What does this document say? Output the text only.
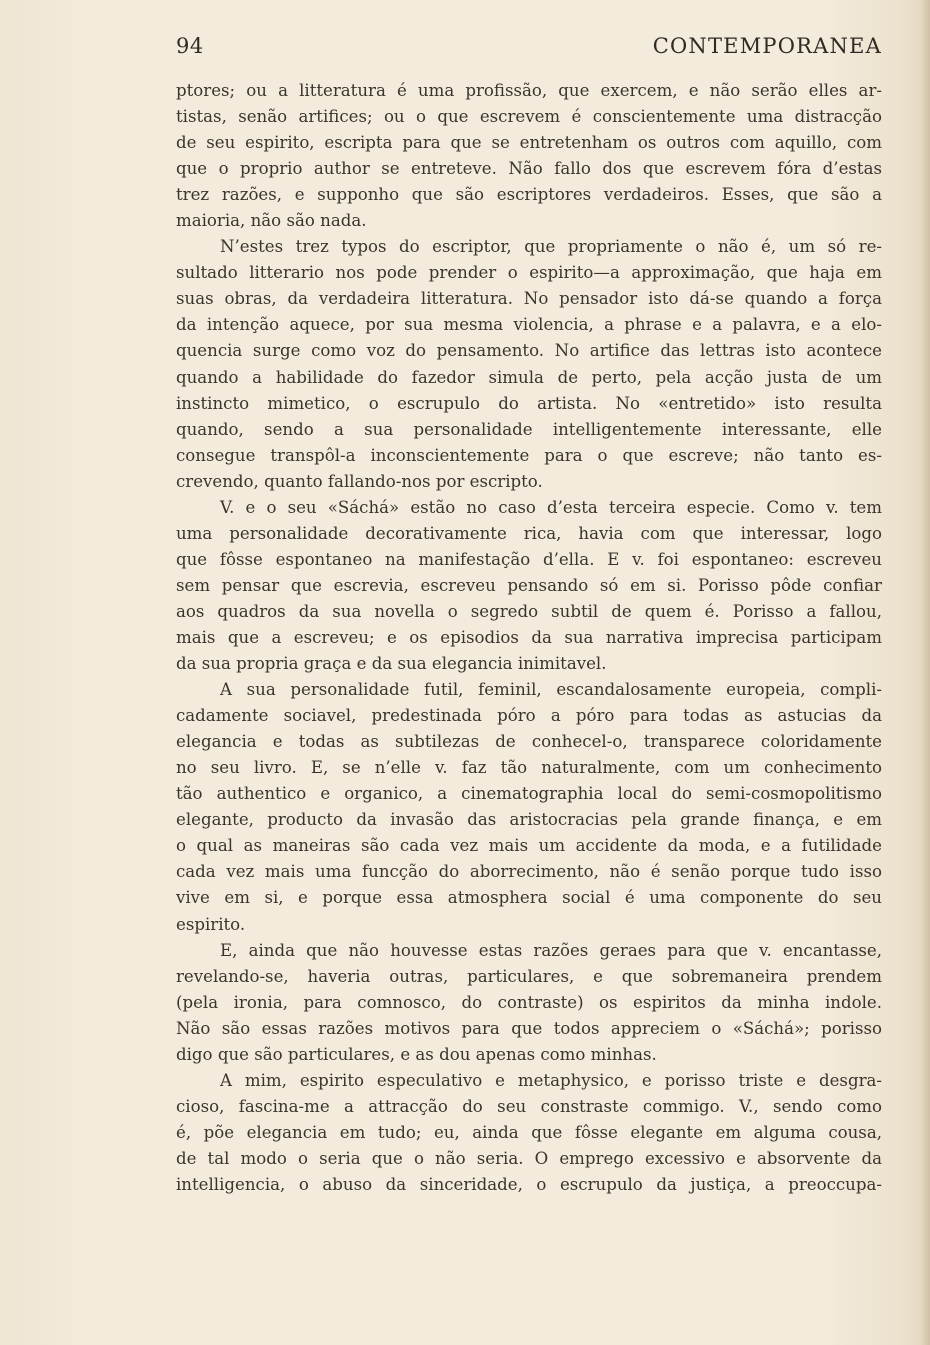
94	CONTEMPORANEA
ptores; ou a litteratura é uma profissão, que exercem, e não serão elles ar-
tistas, senão artifices; ou o que escrevem é conscientemente uma distracção
de seu espirito, escripta para que se entretenham os outros com aquillo, com
que o proprio author se entreteve. Não fallo dos que escrevem fóra d’estas
trez razões, e supponho que são escriptores verdadeiros. Esses, que são a
maioria, não são nada.
N’estes trez typos do escriptor, que propriamente o não é, um só re-
sultado litterario nos pode prender o espirito—a approximação, que haja em
suas obras, da verdadeira litteratura. No pensador isto dá-se quando a força
da intenção aquece, por sua mesma violencia, a phrase e a palavra, e a elo-
quencia surge como voz do pensamento. No artifice das lettras isto acontece
quando a habilidade do fazedor simula de perto, pela acção justa de um
instincto mimetico, o escrupulo do artista. No «entretido» isto resulta
quando, sendo a sua personalidade intelligentemente interessante, elle
consegue transpôl-a inconscientemente para o que escreve; não tanto es-
crevendo, quanto fallando-nos por escripto.
V. e o seu «Sáchá» estão no caso d’esta terceira especie. Como v. tem
uma personalidade decorativamente rica, havia com que interessar, logo
que fôsse espontaneo na manifestação d’ella. E v. foi espontaneo: escreveu
sem pensar que escrevia, escreveu pensando só em si. Porisso pôde confiar
aos quadros da sua novella o segredo subtil de quem é. Porisso a fallou,
mais que a escreveu; e os episodios da sua narrativa imprecisa participam
da sua propria graça e da sua elegancia inimitavel.
A sua personalidade futil, feminil, escandalosamente europeia, compli-
cadamente sociavel, predestinada póro a póro para todas as astucias da
elegancia e todas as subtilezas de conhecel-o, transparece coloridamente
no seu livro. E, se n’elle v. faz tão naturalmente, com um conhecimento
tão authentico e organico, a cinematographia local do semi-cosmopolitismo
elegante, producto da invasão das aristocracias pela grande finança, e em
o qual as maneiras são cada vez mais um accidente da moda, e a futilidade
cada vez mais uma funcção do aborrecimento, não é senão porque tudo isso
vive em si, e porque essa atmosphera social é uma componente do seu
espirito.
E, ainda que não houvesse estas razões geraes para que v. encantasse,
revelando-se, haveria outras, particulares, e que sobremaneira prendem
(pela ironia, para comnosco, do contraste) os espiritos da minha indole.
Não são essas razões motivos para que todos appreciem o «Sáchá»; porisso
digo que são particulares, e as dou apenas como minhas.
A mim, espirito especulativo e metaphysico, e porisso triste e desgra-
cioso, fascina-me a attracção do seu constraste commigo. V., sendo como
é, põe elegancia em tudo; eu, ainda que fôsse elegante em alguma cousa,
de tal modo o seria que o não seria. O emprego excessivo e absorvente da
intelligencia, o abuso da sinceridade, o escrupulo da justiça, a preoccupa-
